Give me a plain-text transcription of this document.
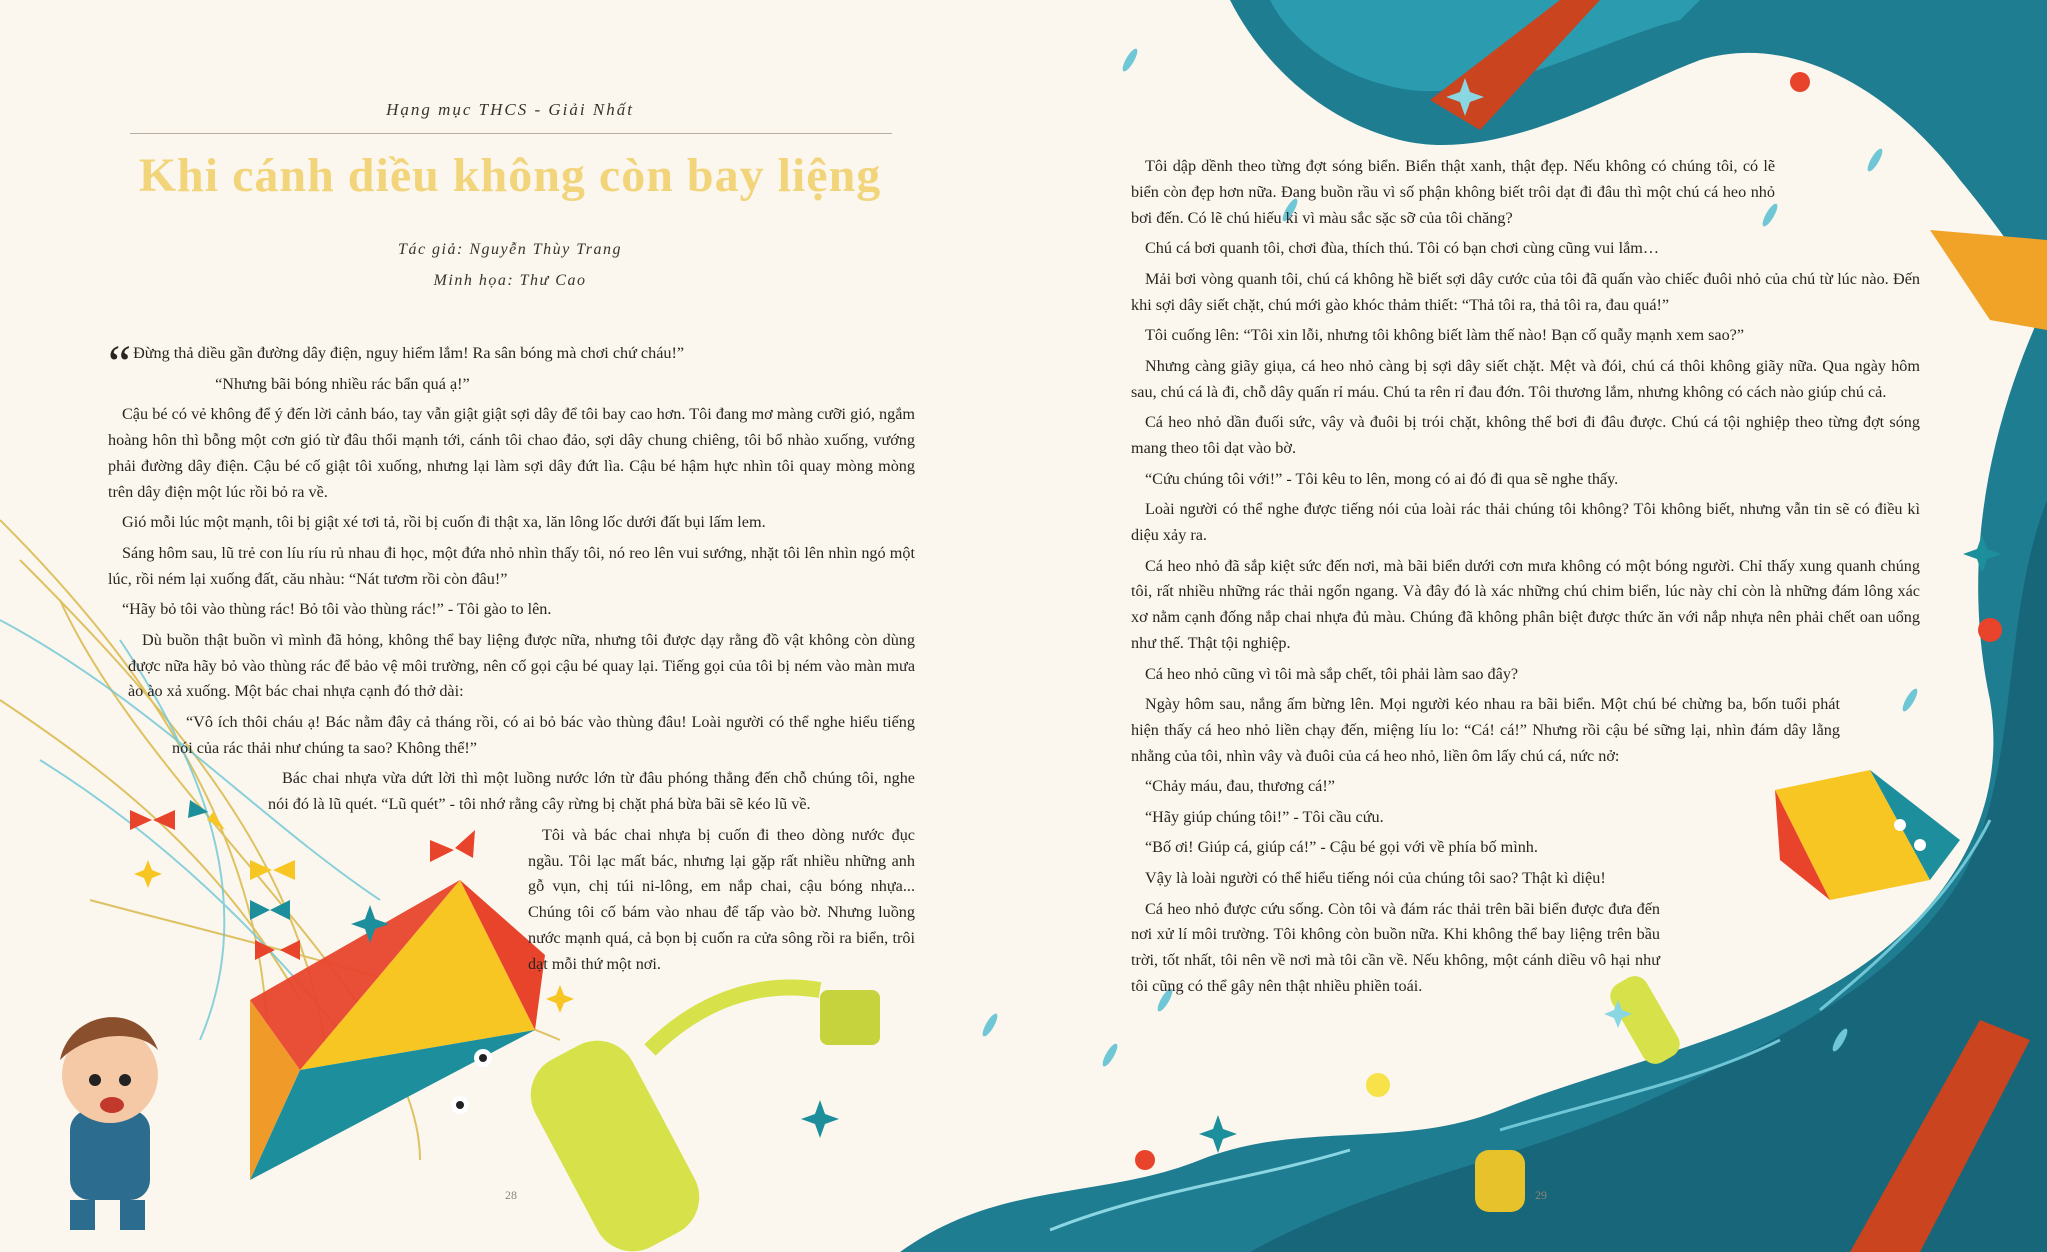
Hạng mục THCS - Giải Nhất
Khi cánh diều không còn bay liệng
Tác giả: Nguyễn Thùy Trang
Minh họa: Thư Cao

“ Đừng thả diều gần đường dây điện, nguy hiểm lắm! Ra sân bóng mà chơi chứ cháu!”

“Nhưng bãi bóng nhiều rác bẩn quá ạ!”

Cậu bé có vẻ không để ý đến lời cảnh báo, tay vẫn giật giật sợi dây để tôi bay cao hơn. Tôi đang mơ màng cưỡi gió, ngắm hoàng hôn thì bỗng một cơn gió từ đâu thổi mạnh tới, cánh tôi chao đảo, sợi dây chung chiêng, tôi bổ nhào xuống, vướng phải đường dây điện. Cậu bé cố giật tôi xuống, nhưng lại làm sợi dây đứt lìa. Cậu bé hậm hực nhìn tôi quay mòng mòng trên dây điện một lúc rồi bỏ ra về.

Gió mỗi lúc một mạnh, tôi bị giật xé tơi tả, rồi bị cuốn đi thật xa, lăn lông lốc dưới đất bụi lấm lem.

Sáng hôm sau, lũ trẻ con líu ríu rủ nhau đi học, một đứa nhỏ nhìn thấy tôi, nó reo lên vui sướng, nhặt tôi lên nhìn ngó một lúc, rồi ném lại xuống đất, cău nhàu: “Nát tươm rồi còn đâu!”

“Hãy bỏ tôi vào thùng rác! Bỏ tôi vào thùng rác!” - Tôi gào to lên.

Dù buồn thật buồn vì mình đã hỏng, không thể bay liệng được nữa, nhưng tôi được dạy rằng đồ vật không còn dùng được nữa hãy bỏ vào thùng rác để bảo vệ môi trường, nên cố gọi cậu bé quay lại. Tiếng gọi của tôi bị ném vào màn mưa ào ào xả xuống. Một bác chai nhựa cạnh đó thở dài:

“Vô ích thôi cháu ạ! Bác nằm đây cả tháng rồi, có ai bỏ bác vào thùng đâu! Loài người có thể nghe hiểu tiếng nói của rác thải như chúng ta sao? Không thể!”

Bác chai nhựa vừa dứt lời thì một luồng nước lớn từ đâu phóng thẳng đến chỗ chúng tôi, nghe nói đó là lũ quét. “Lũ quét” - tôi nhớ rằng cây rừng bị chặt phá bừa bãi sẽ kéo lũ về.

Tôi và bác chai nhựa bị cuốn đi theo dòng nước đục ngầu. Tôi lạc mất bác, nhưng lại gặp rất nhiều những anh gỗ vụn, chị túi ni-lông, em nắp chai, cậu bóng nhựa... Chúng tôi cố bám vào nhau để tấp vào bờ. Nhưng luồng nước mạnh quá, cả bọn bị cuốn ra cửa sông rồi ra biển, trôi dạt mỗi thứ một nơi.

28

Tôi dập dềnh theo từng đợt sóng biển. Biển thật xanh, thật đẹp. Nếu không có chúng tôi, có lẽ biển còn đẹp hơn nữa. Đang buồn rầu vì số phận không biết trôi dạt đi đâu thì một chú cá heo nhỏ bơi đến. Có lẽ chú hiếu kì vì màu sắc sặc sỡ của tôi chăng?

Chú cá bơi quanh tôi, chơi đùa, thích thú. Tôi có bạn chơi cùng cũng vui lắm…

Mải bơi vòng quanh tôi, chú cá không hề biết sợi dây cước của tôi đã quấn vào chiếc đuôi nhỏ của chú từ lúc nào. Đến khi sợi dây siết chặt, chú mới gào khóc thảm thiết: “Thả tôi ra, thả tôi ra, đau quá!”

Tôi cuống lên: “Tôi xin lỗi, nhưng tôi không biết làm thế nào! Bạn cố quẫy mạnh xem sao?”

Nhưng càng giãy giụa, cá heo nhỏ càng bị sợi dây siết chặt. Mệt và đói, chú cá thôi không giãy nữa. Qua ngày hôm sau, chú cá là đi, chỗ dây quấn rỉ máu. Chú ta rên rỉ đau đớn. Tôi thương lắm, nhưng không có cách nào giúp chú cả.

Cá heo nhỏ dần đuối sức, vây và đuôi bị trói chặt, không thể bơi đi đâu được. Chú cá tội nghiệp theo từng đợt sóng mang theo tôi dạt vào bờ.

“Cứu chúng tôi với!” - Tôi kêu to lên, mong có ai đó đi qua sẽ nghe thấy.

Loài người có thể nghe được tiếng nói của loài rác thải chúng tôi không? Tôi không biết, nhưng vẫn tin sẽ có điều kì diệu xảy ra.

Cá heo nhỏ đã sắp kiệt sức đến nơi, mà bãi biển dưới cơn mưa không có một bóng người. Chỉ thấy xung quanh chúng tôi, rất nhiều những rác thải ngổn ngang. Và đây đó là xác những chú chim biển, lúc này chỉ còn là những đám lông xác xơ nằm cạnh đống nắp chai nhựa đủ màu. Chúng đã không phân biệt được thức ăn với nắp nhựa nên phải chết oan uổng như thế. Thật tội nghiệp.

Cá heo nhỏ cũng vì tôi mà sắp chết, tôi phải làm sao đây?

Ngày hôm sau, nắng ấm bừng lên. Mọi người kéo nhau ra bãi biển. Một chú bé chừng ba, bốn tuổi phát hiện thấy cá heo nhỏ liền chạy đến, miệng líu lo: “Cá! cá!” Nhưng rồi cậu bé sững lại, nhìn đám dây lằng nhằng của tôi, nhìn vây và đuôi của cá heo nhỏ, liền ôm lấy chú cá, nức nở:

“Chảy máu, đau, thương cá!”

“Hãy giúp chúng tôi!” - Tôi cầu cứu.

“Bố ơi! Giúp cá, giúp cá!” - Cậu bé gọi với về phía bố mình.

Vậy là loài người có thể hiểu tiếng nói của chúng tôi sao? Thật kì diệu!

Cá heo nhỏ được cứu sống. Còn tôi và đám rác thải trên bãi biển được đưa đến nơi xử lí môi trường. Tôi không còn buồn nữa. Khi không thể bay liệng trên bầu trời, tốt nhất, tôi nên về nơi mà tôi cần về. Nếu không, một cánh diều vô hại như tôi cũng có thể gây nên thật nhiều phiền toái.

29
